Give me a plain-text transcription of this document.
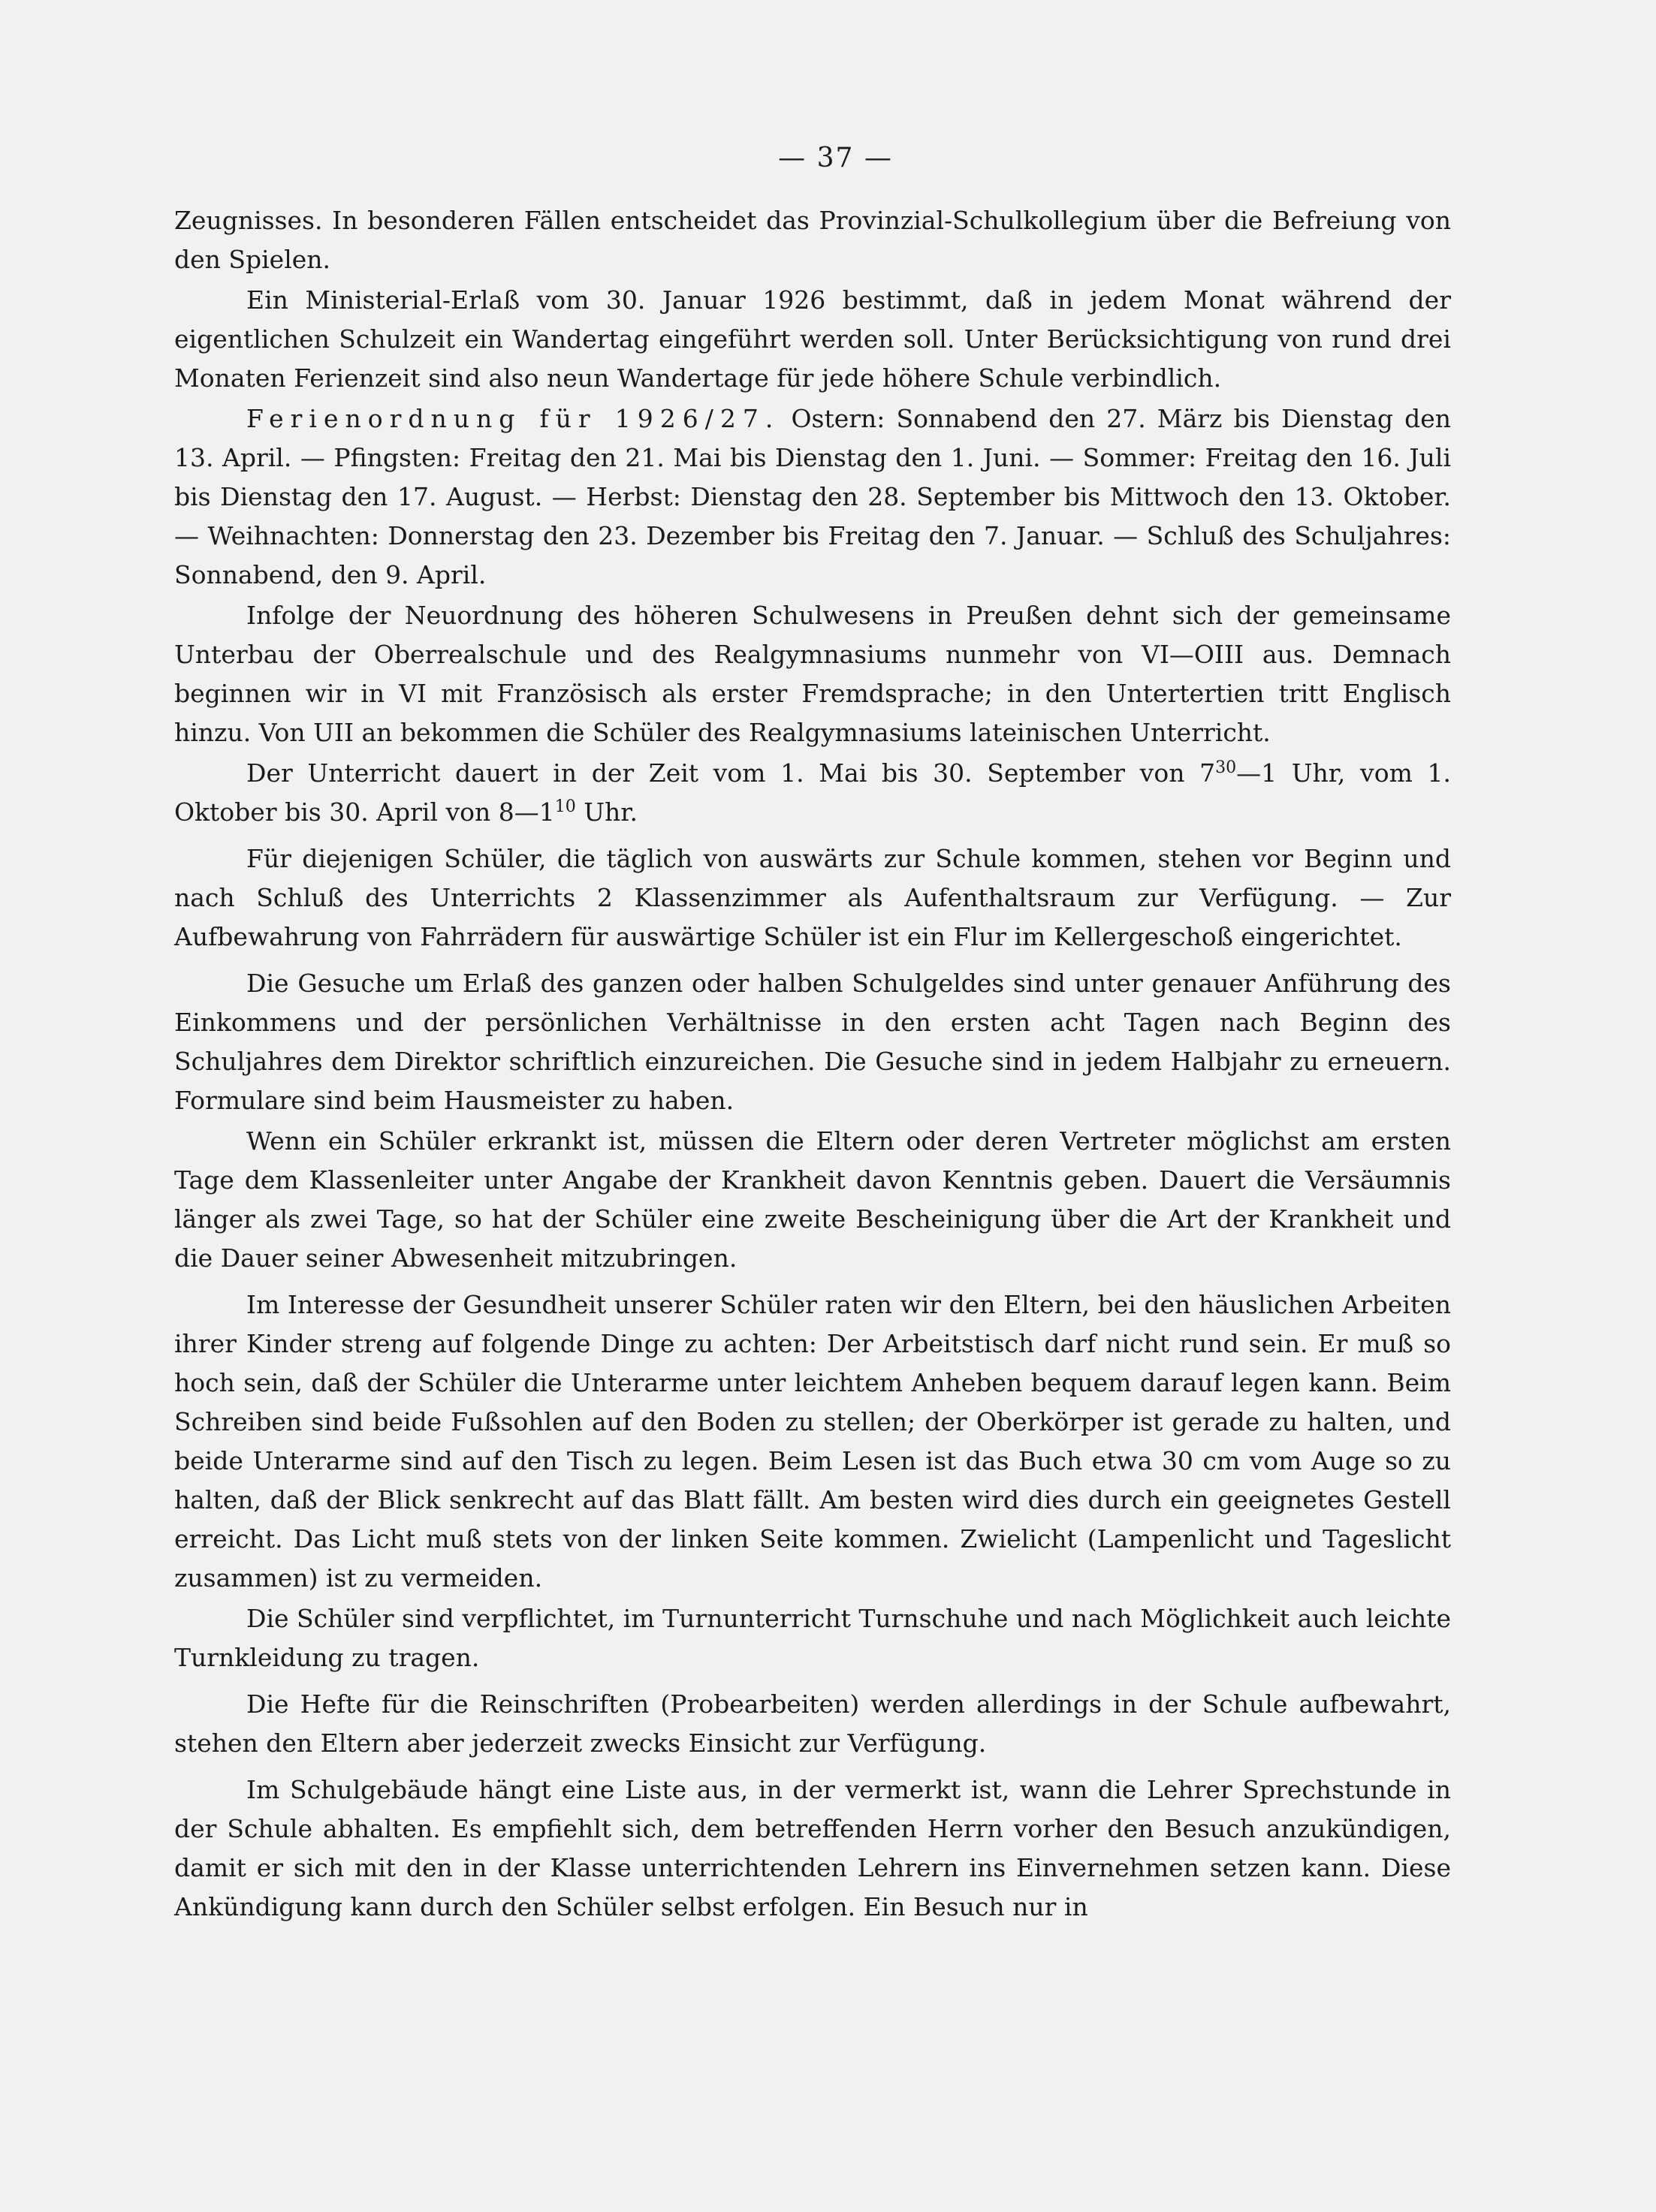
— 37 —

Zeugnisses. In besonderen Fällen entscheidet das Provinzial-Schulkollegium über die Befreiung von den Spielen.

Ein Ministerial-Erlaß vom 30. Januar 1926 bestimmt, daß in jedem Monat während der eigentlichen Schulzeit ein Wandertag eingeführt werden soll. Unter Berücksichtigung von rund drei Monaten Ferienzeit sind also neun Wandertage für jede höhere Schule verbindlich.

Ferienordnung für 1926/27. Ostern: Sonnabend den 27. März bis Dienstag den 13. April. — Pfingsten: Freitag den 21. Mai bis Dienstag den 1. Juni. — Sommer: Freitag den 16. Juli bis Dienstag den 17. August. — Herbst: Dienstag den 28. September bis Mittwoch den 13. Oktober. — Weihnachten: Donnerstag den 23. Dezember bis Freitag den 7. Januar. — Schluß des Schuljahres: Sonnabend, den 9. April.

Infolge der Neuordnung des höheren Schulwesens in Preußen dehnt sich der gemeinsame Unterbau der Oberrealschule und des Realgymnasiums nunmehr von VI—OIII aus. Demnach beginnen wir in VI mit Französisch als erster Fremdsprache; in den Untertertien tritt Englisch hinzu. Von UII an bekommen die Schüler des Realgymnasiums lateinischen Unterricht.

Der Unterricht dauert in der Zeit vom 1. Mai bis 30. September von $7^{30}—1$ Uhr, vom 1. Oktober bis 30. April von $8—1^{10}$ Uhr.

Für diejenigen Schüler, die täglich von auswärts zur Schule kommen, stehen vor Beginn und nach Schluß des Unterrichts 2 Klassenzimmer als Aufenthaltsraum zur Verfügung. — Zur Aufbewahrung von Fahrrädern für auswärtige Schüler ist ein Flur im Kellergeschoß eingerichtet.

Die Gesuche um Erlaß des ganzen oder halben Schulgeldes sind unter genauer Anführung des Einkommens und der persönlichen Verhältnisse in den ersten acht Tagen nach Beginn des Schuljahres dem Direktor schriftlich einzureichen. Die Gesuche sind in jedem Halbjahr zu erneuern. Formulare sind beim Hausmeister zu haben.

Wenn ein Schüler erkrankt ist, müssen die Eltern oder deren Vertreter möglichst am ersten Tage dem Klassenleiter unter Angabe der Krankheit davon Kenntnis geben. Dauert die Versäumnis länger als zwei Tage, so hat der Schüler eine zweite Bescheinigung über die Art der Krankheit und die Dauer seiner Abwesenheit mitzubringen.

Im Interesse der Gesundheit unserer Schüler raten wir den Eltern, bei den häuslichen Arbeiten ihrer Kinder streng auf folgende Dinge zu achten: Der Arbeitstisch darf nicht rund sein. Er muß so hoch sein, daß der Schüler die Unterarme unter leichtem Anheben bequem darauf legen kann. Beim Schreiben sind beide Fußsohlen auf den Boden zu stellen; der Oberkörper ist gerade zu halten, und beide Unterarme sind auf den Tisch zu legen. Beim Lesen ist das Buch etwa 30 cm vom Auge so zu halten, daß der Blick senkrecht auf das Blatt fällt. Am besten wird dies durch ein geeignetes Gestell erreicht. Das Licht muß stets von der linken Seite kommen. Zwielicht (Lampenlicht und Tageslicht zusammen) ist zu vermeiden.

Die Schüler sind verpflichtet, im Turnunterricht Turnschuhe und nach Möglichkeit auch leichte Turnkleidung zu tragen.

Die Hefte für die Reinschriften (Probearbeiten) werden allerdings in der Schule aufbewahrt, stehen den Eltern aber jederzeit zwecks Einsicht zur Verfügung.

Im Schulgebäude hängt eine Liste aus, in der vermerkt ist, wann die Lehrer Sprechstunde in der Schule abhalten. Es empfiehlt sich, dem betreffenden Herrn vorher den Besuch anzukündigen, damit er sich mit den in der Klasse unterrichtenden Lehrern ins Einvernehmen setzen kann. Diese Ankündigung kann durch den Schüler selbst erfolgen. Ein Besuch nur in
